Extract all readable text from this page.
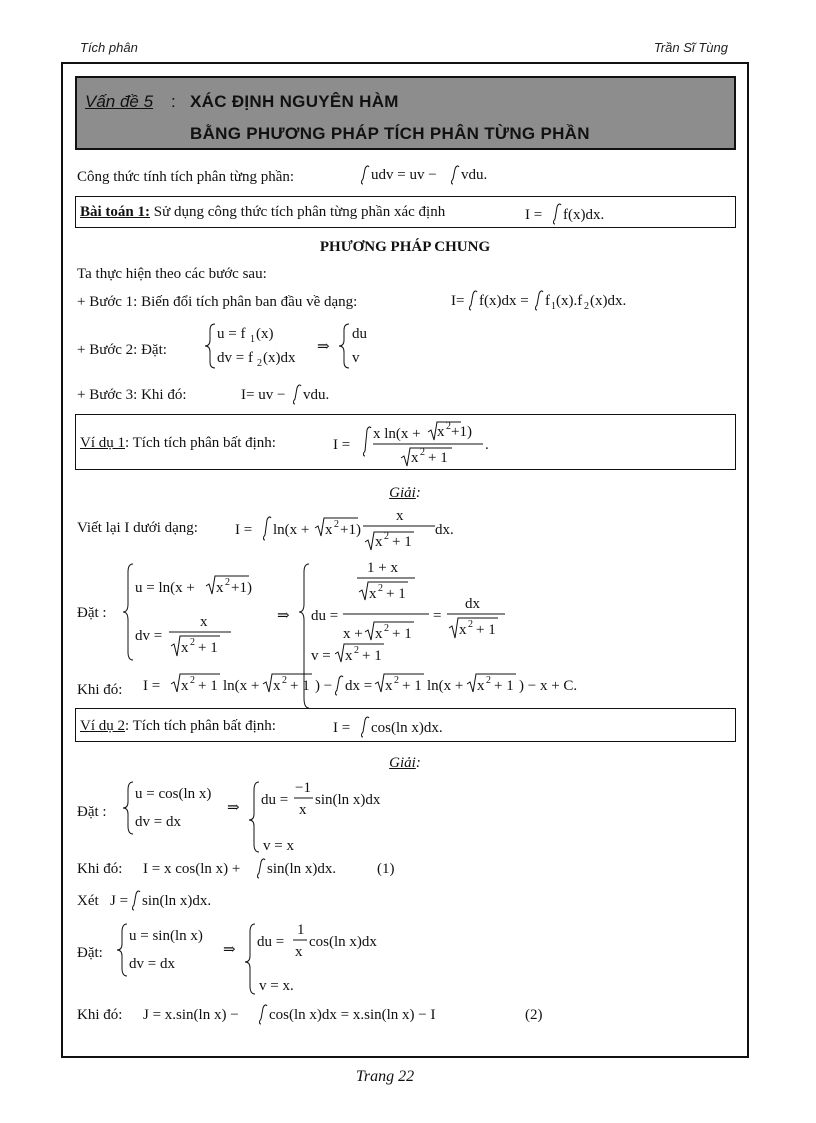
Tích phân	Trần Sĩ Tùng
Vấn đề 5 : XÁC ĐỊNH NGUYÊN HÀM
BẰNG PHƯƠNG PHÁP TÍCH PHÂN TỪNG PHẦN
Công thức tính tích phân từng phần:	udv = uv − vdu.
Bài toán 1: Sử dụng công thức tích phân từng phần xác định	I = f(x)dx.
PHƯƠNG PHÁP CHUNG
Ta thực hiện theo các bước sau:
+ Bước 1: Biến đổi tích phân ban đầu về dạng:	I= f(x)dx = f 1 (x).f 2 (x)dx.
+ Bước 2: Đặt:
u = f 1 (x)
dv = f 2 (x)dx
⇒
du
v
+ Bước 3: Khi đó:	I= uv − vdu.
Ví dụ 1: Tích tích phân bất định:	I =
x ln(x + x 2 +1)
x 2 + 1
.
Giải:
Viết lại I dưới dạng: I = ln(x + x 2 +1)
x
x 2 + 1
dx.
Đặt :
u = ln(x + x 2 +1)
dv =
x
x 2 + 1
⇒ du =
1 + x
x 2 + 1
x + x 2 + 1
=
dx
x 2 + 1
v = x 2 + 1
Khi đó: I = x 2 + 1 ln(x + x 2 + 1 ) − dx = x 2 + 1 ln(x + x 2 + 1 ) − x + C.
Ví dụ 2: Tích tích phân bất định:	I = cos(ln x)dx.
Giải:
Đặt :
u = cos(ln x)
dv = dx
⇒ du =
−1
x
sin(ln x)dx
v = x
Khi đó: I = x cos(ln x) + sin(ln x)dx.	(1)
Xét J = sin(ln x)dx.
Đặt:
u = sin(ln x)
dv = dx
⇒ du =
1
x
cos(ln x)dx
v = x.
Khi đó: J = x.sin(ln x) − cos(ln x)dx = x.sin(ln x) − I	(2)
Trang 22
